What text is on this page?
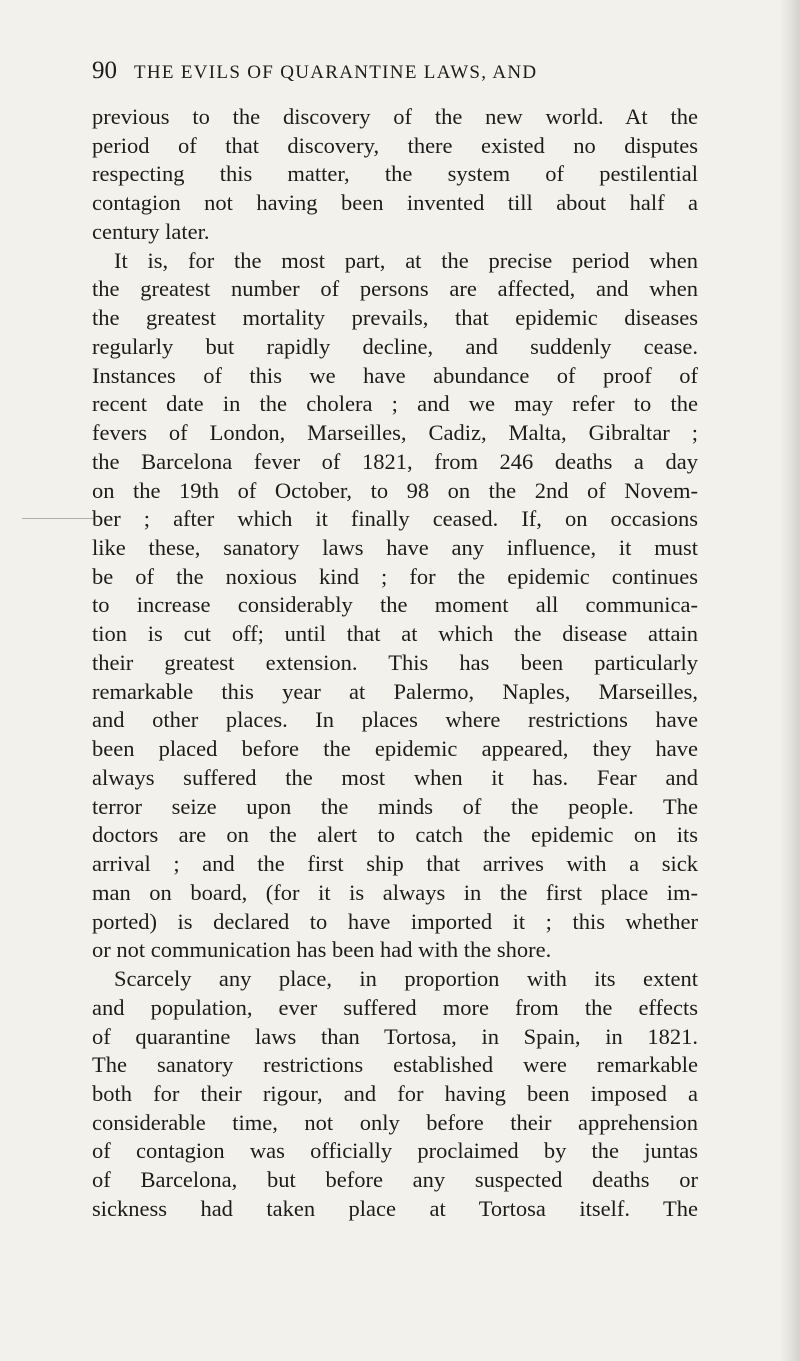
90 THE EVILS OF QUARANTINE LAWS, AND
previous to the discovery of the new world. At the
period of that discovery, there existed no disputes
respecting this matter, the system of pestilential
contagion not having been invented till about half a
century later.
It is, for the most part, at the precise period when
the greatest number of persons are affected, and when
the greatest mortality prevails, that epidemic diseases
regularly but rapidly decline, and suddenly cease.
Instances of this we have abundance of proof of
recent date in the cholera ; and we may refer to the
fevers of London, Marseilles, Cadiz, Malta, Gibraltar ;
the Barcelona fever of 1821, from 246 deaths a day
on the 19th of October, to 98 on the 2nd of Novem-
ber ; after which it finally ceased. If, on occasions
like these, sanatory laws have any influence, it must
be of the noxious kind ; for the epidemic continues
to increase considerably the moment all communica-
tion is cut off; until that at which the disease attain
their greatest extension. This has been particularly
remarkable this year at Palermo, Naples, Marseilles,
and other places. In places where restrictions have
been placed before the epidemic appeared, they have
always suffered the most when it has. Fear and
terror seize upon the minds of the people. The
doctors are on the alert to catch the epidemic on its
arrival ; and the first ship that arrives with a sick
man on board, (for it is always in the first place im-
ported) is declared to have imported it ; this whether
or not communication has been had with the shore.
Scarcely any place, in proportion with its extent
and population, ever suffered more from the effects
of quarantine laws than Tortosa, in Spain, in 1821.
The sanatory restrictions established were remarkable
both for their rigour, and for having been imposed a
considerable time, not only before their apprehension
of contagion was officially proclaimed by the juntas
of Barcelona, but before any suspected deaths or
sickness had taken place at Tortosa itself. The
